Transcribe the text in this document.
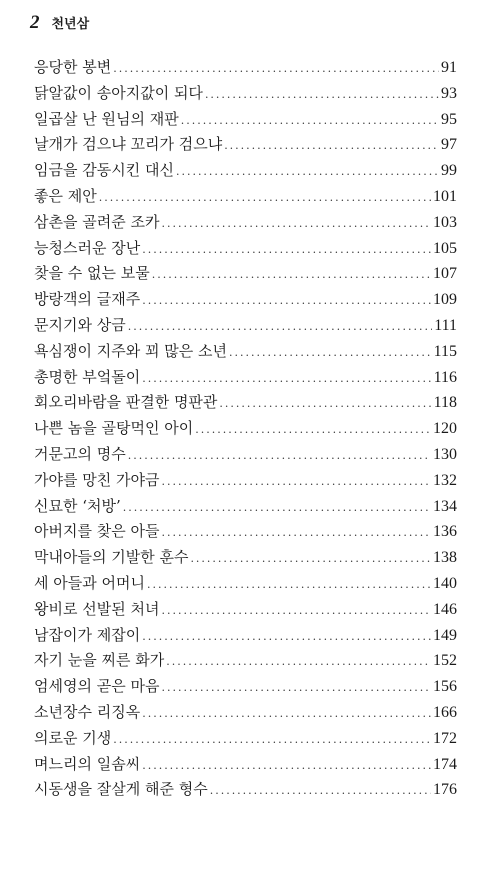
2 천년삼
응당한 봉변 .....	91
닭알값이 송아지값이 되다 .....	93
일곱살 난 원님의 재판 .....	95
날개가 검으냐 꼬리가 검으냐 .....	97
임금을 감동시킨 대신 .....	99
좋은 제안 .....	101
삼촌을 골려준 조카 .....	103
능청스러운 장난 .....	105
찾을 수 없는 보물 .....	107
방랑객의 글재주 .....	109
문지기와 상금 .....	111
욕심쟁이 지주와 꾀 많은 소년 .....	115
총명한 부엌돌이 .....	116
회오리바람을 판결한 명판관 .....	118
나쁜 놈을 골탕먹인 아이 .....	120
거문고의 명수 .....	130
가야를 망친 가야금 .....	132
신묘한 ‘처방’ .....	134
아버지를 찾은 아들 .....	136
막내아들의 기발한 훈수 .....	138
세 아들과 어머니 .....	140
왕비로 선발된 처녀 .....	146
남잡이가 제잡이 .....	149
자기 눈을 찌른 화가 .....	152
엄세영의 곧은 마음 .....	156
소년장수 리징옥 .....	166
의로운 기생 .....	172
며느리의 일솜씨 .....	174
시동생을 잘살게 해준 형수 .....	176
